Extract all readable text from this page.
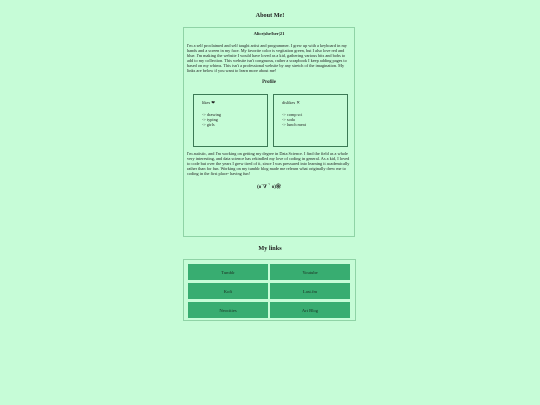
About Me!
Alice|she/her|21

I'm a self proclaimed and self taught artist and programmer. I grew up with a keyboard in my hands and a screen in my face. My favorite color is vegitation green, but I also love red and blue. I'm making the website I would have loved as a kid, gathering various bits and bobs to add to my collection. This website isn't congruous, rather a scrapbook I keep adding pages to based on my whims. This isn't a professional website by any stretch of the imagination. My links are below if you want to learn more about me!

Profile
likes ❤
-> drawing
-> typing
-> girls
dislikes ✕
-> comp sci
-> soda
-> lunch meat

I'm autistic, and I'm working on getting my degree in Data Science. I find the field as a whole very interesting, and data science has rekindled my love of coding in general. As a kid, I loved to code but over the years I grew tired of it, since I was pressured into learning it academically rather than for fun. Working on my tumblr blog made me relearn what originally drew me to coding in the first place- having fun!

(o´∇｀o)❀
My links
Tumblr	Youtube
Kofi	Last.fm
Neocities	Art Blog
